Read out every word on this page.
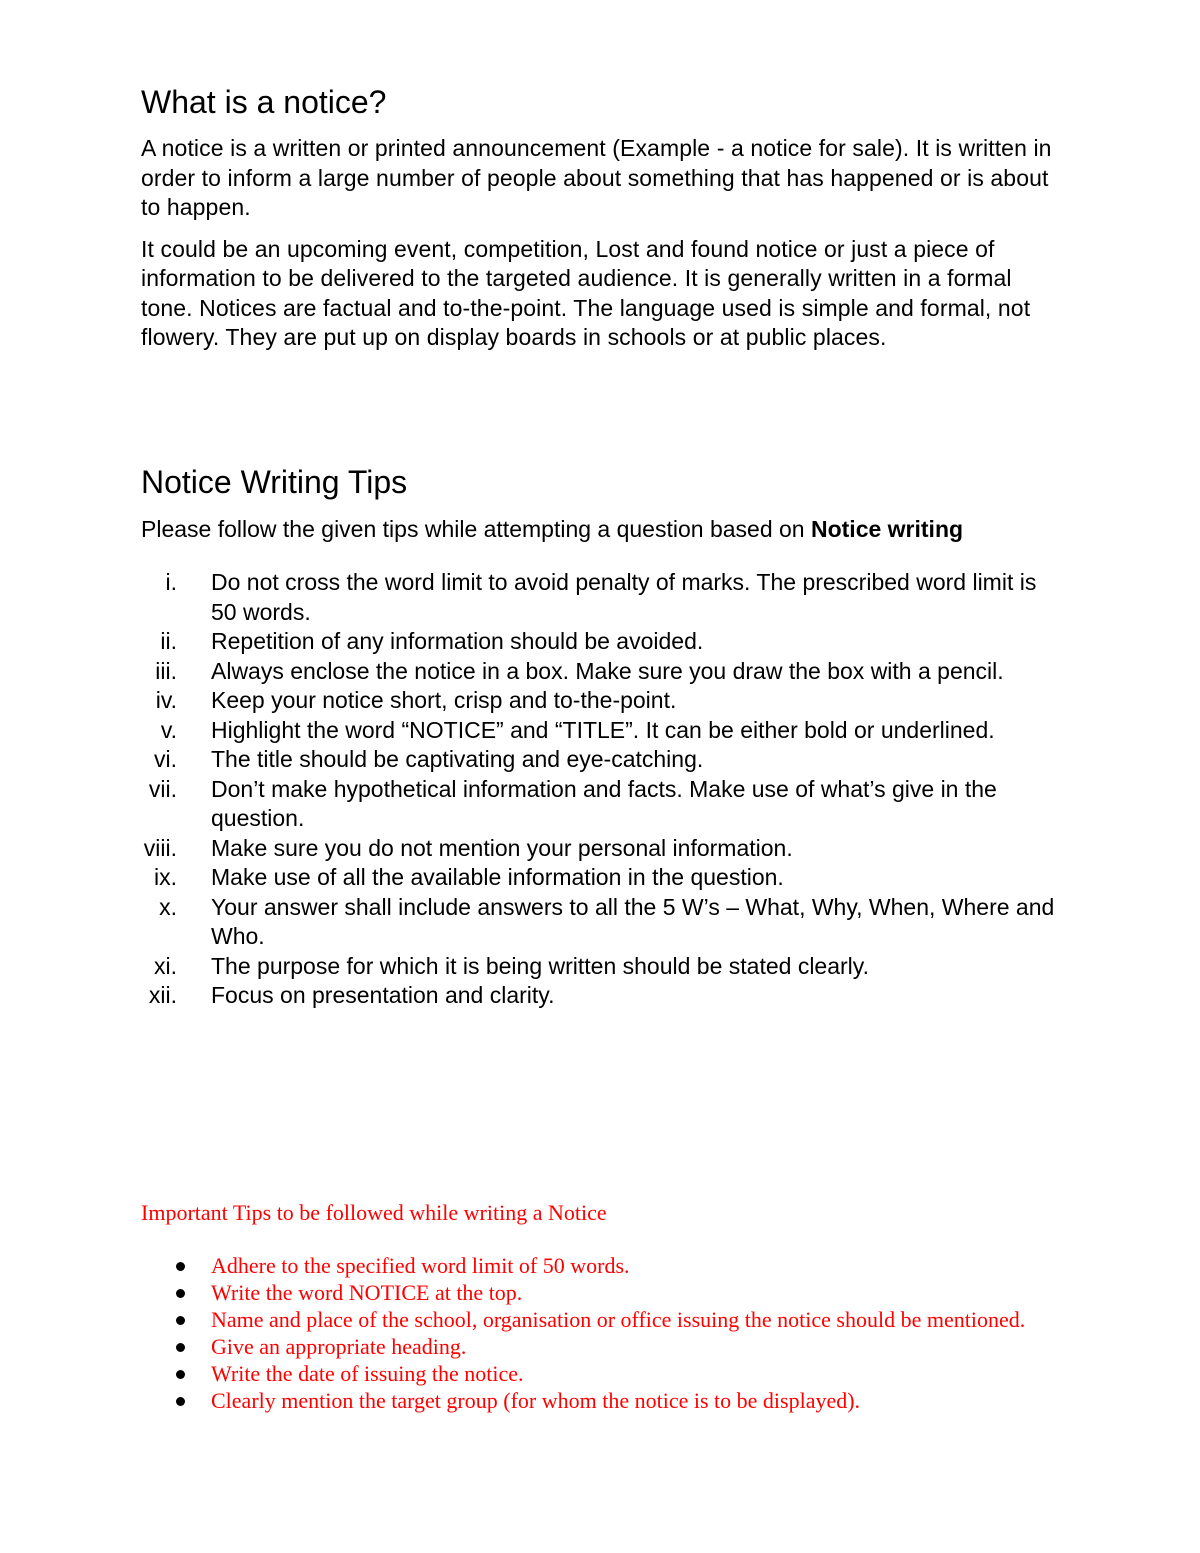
What is a notice?

A notice is a written or printed announcement (Example - a notice for sale). It is written in order to inform a large number of people about something that has happened or is about to happen.

It could be an upcoming event, competition, Lost and found notice or just a piece of information to be delivered to the targeted audience. It is generally written in a formal tone. Notices are factual and to-the-point. The language used is simple and formal, not flowery. They are put up on display boards in schools or at public places.

Notice Writing Tips

Please follow the given tips while attempting a question based on Notice writing

i. Do not cross the word limit to avoid penalty of marks. The prescribed word limit is 50 words.
ii. Repetition of any information should be avoided.
iii. Always enclose the notice in a box. Make sure you draw the box with a pencil.
iv. Keep your notice short, crisp and to-the-point.
v. Highlight the word “NOTICE” and “TITLE”. It can be either bold or underlined.
vi. The title should be captivating and eye-catching.
vii. Don’t make hypothetical information and facts. Make use of what’s give in the question.
viii. Make sure you do not mention your personal information.
ix. Make use of all the available information in the question.
x. Your answer shall include answers to all the 5 W’s – What, Why, When, Where and Who.
xi. The purpose for which it is being written should be stated clearly.
xii. Focus on presentation and clarity.

Important Tips to be followed while writing a Notice

Adhere to the specified word limit of 50 words.
Write the word NOTICE at the top.
Name and place of the school, organisation or office issuing the notice should be mentioned.
Give an appropriate heading.
Write the date of issuing the notice.
Clearly mention the target group (for whom the notice is to be displayed).
